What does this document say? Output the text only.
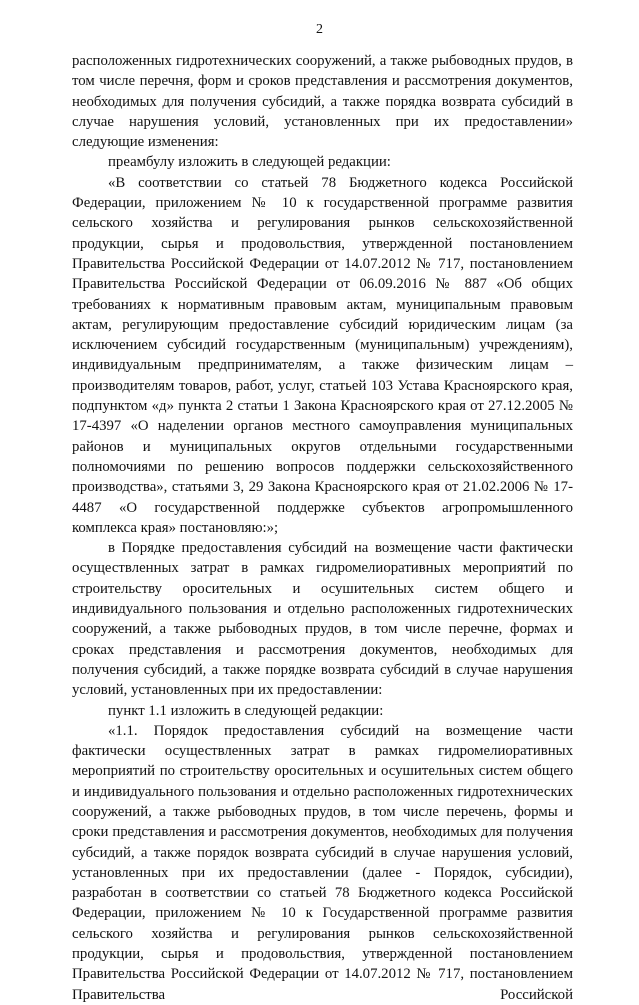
2

расположенных гидротехнических сооружений, а также рыбоводных прудов, в том числе перечня, форм и сроков представления и рассмотрения документов, необходимых для получения субсидий, а также порядка возврата субсидий в случае нарушения условий, установленных при их предоставлении» следующие изменения:

преамбулу изложить в следующей редакции:

«В соответствии со статьей 78 Бюджетного кодекса Российской Федерации, приложением № 10 к государственной программе развития сельского хозяйства и регулирования рынков сельскохозяйственной продукции, сырья и продовольствия, утвержденной постановлением Правительства Российской Федерации от 14.07.2012 № 717, постановлением Правительства Российской Федерации от 06.09.2016 № 887 «Об общих требованиях к нормативным правовым актам, муниципальным правовым актам, регулирующим предоставление субсидий юридическим лицам (за исключением субсидий государственным (муниципальным) учреждениям), индивидуальным предпринимателям, а также физическим лицам – производителям товаров, работ, услуг, статьей 103 Устава Красноярского края, подпунктом «д» пункта 2 статьи 1 Закона Красноярского края от 27.12.2005 № 17-4397 «О наделении органов местного самоуправления муниципальных районов и муниципальных округов отдельными государственными полномочиями по решению вопросов поддержки сельскохозяйственного производства», статьями 3, 29 Закона Красноярского края от 21.02.2006 № 17-4487 «О государственной поддержке субъектов агропромышленного комплекса края» постановляю:»;

в Порядке предоставления субсидий на возмещение части фактически осуществленных затрат в рамках гидромелиоративных мероприятий по строительству оросительных и осушительных систем общего и индивидуального пользования и отдельно расположенных гидротехнических сооружений, а также рыбоводных прудов, в том числе перечне, формах и сроках представления и рассмотрения документов, необходимых для получения субсидий, а также порядке возврата субсидий в случае нарушения условий, установленных при их предоставлении:

пункт 1.1 изложить в следующей редакции:

«1.1. Порядок предоставления субсидий на возмещение части фактически осуществленных затрат в рамках гидромелиоративных мероприятий по строительству оросительных и осушительных систем общего и индивидуального пользования и отдельно расположенных гидротехнических сооружений, а также рыбоводных прудов, в том числе перечень, формы и сроки представления и рассмотрения документов, необходимых для получения субсидий, а также порядок возврата субсидий в случае нарушения условий, установленных при их предоставлении (далее - Порядок, субсидии), разработан в соответствии со статьей 78 Бюджетного кодекса Российской Федерации, приложением № 10 к Государственной программе развития сельского хозяйства и регулирования рынков сельскохозяйственной продукции, сырья и продовольствия, утвержденной постановлением Правительства Российской Федерации от 14.07.2012 № 717, постановлением Правительства Российской
